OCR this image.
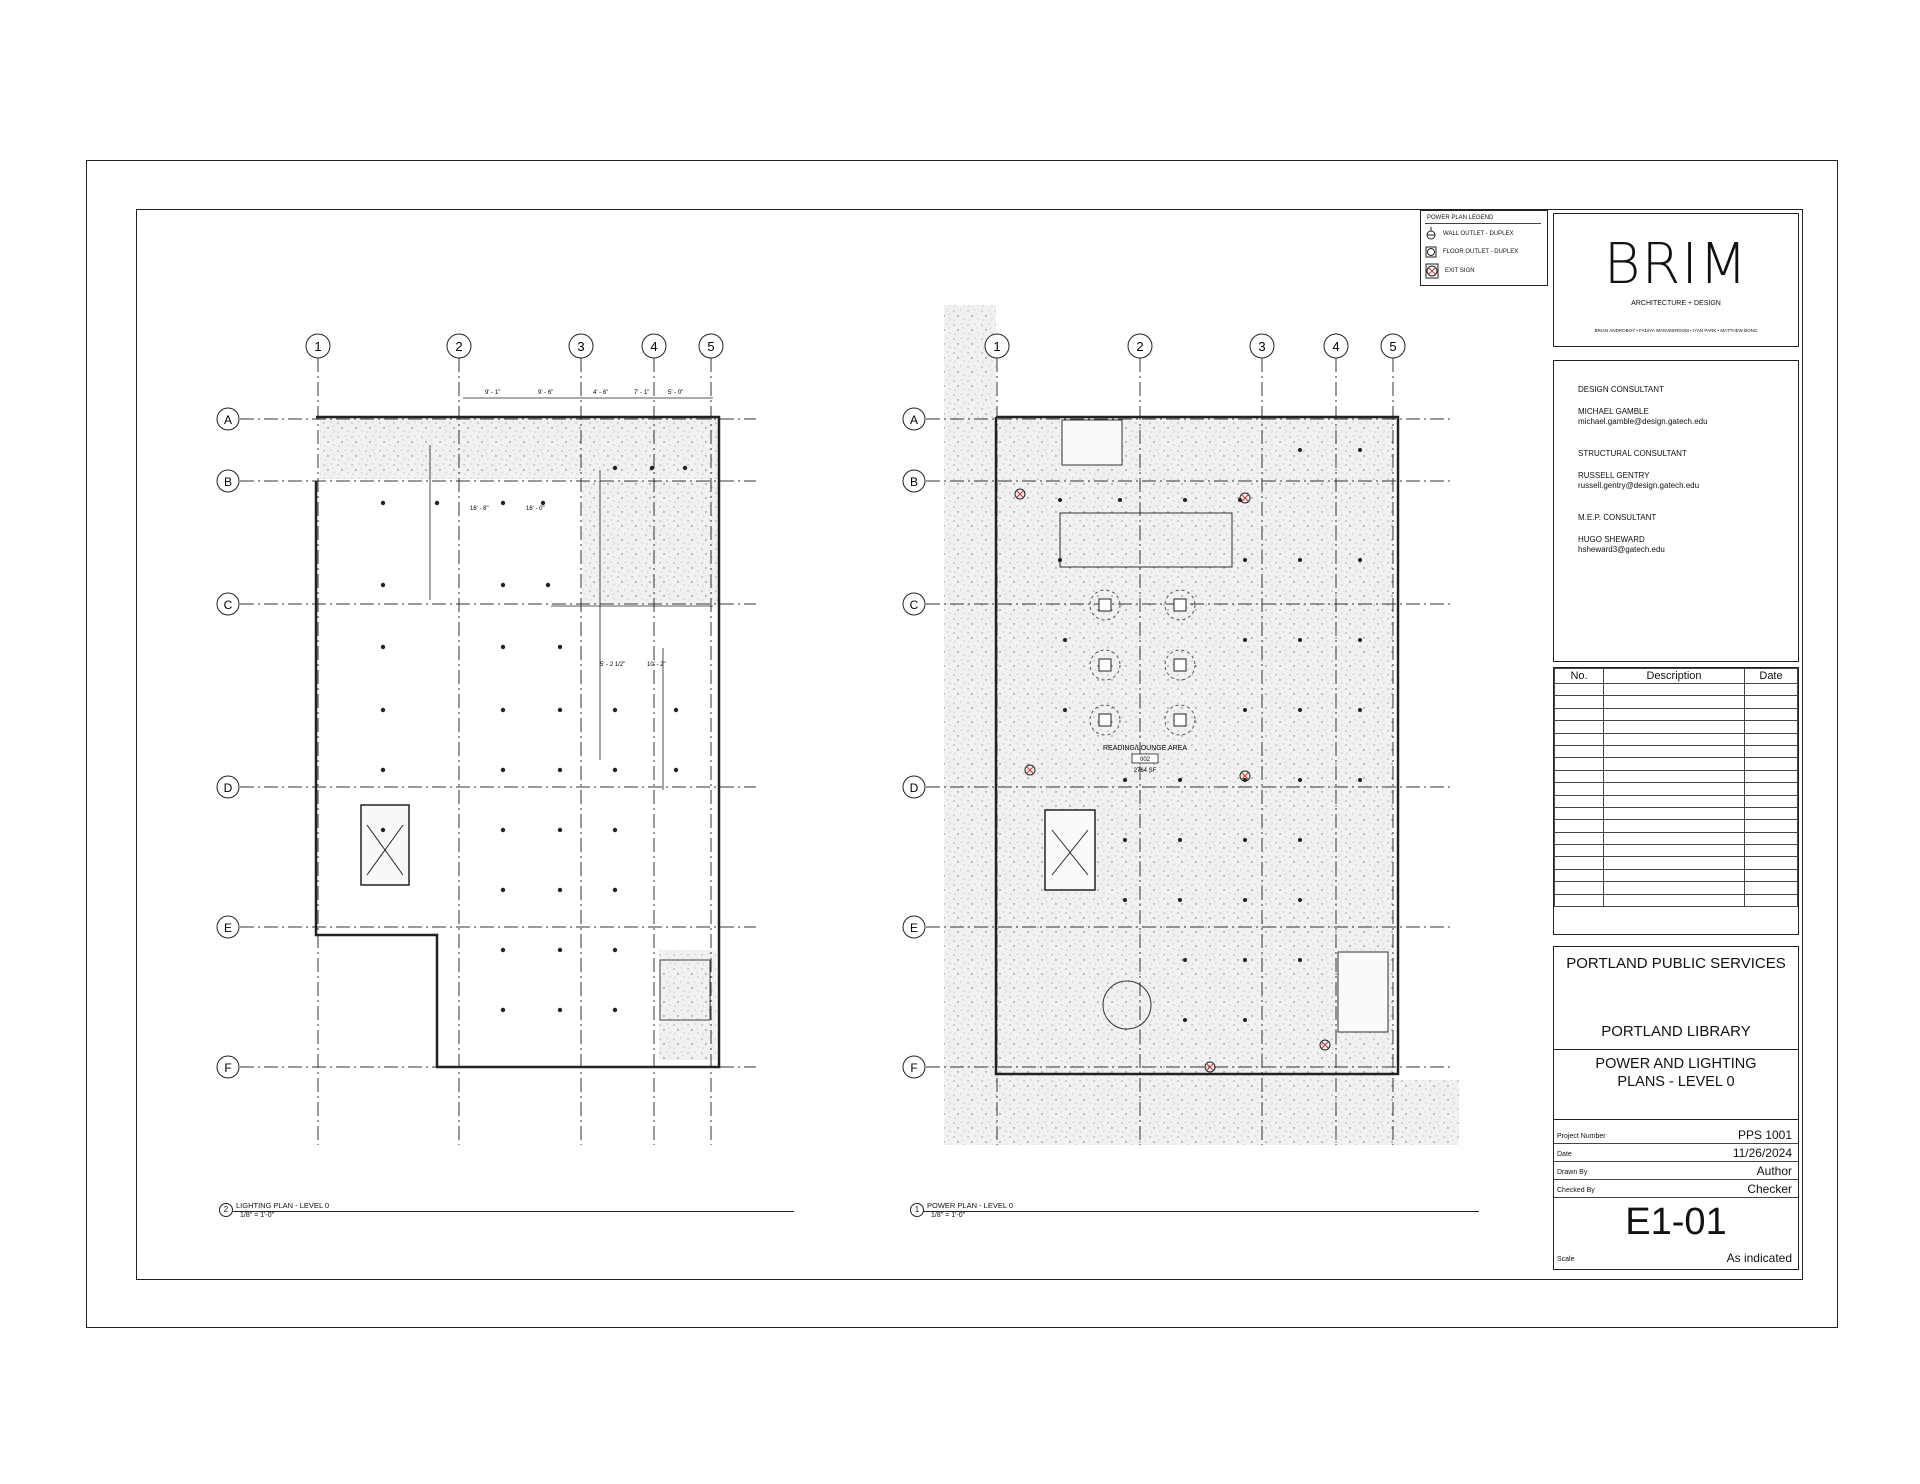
1	2	3	4	5
A
B
C
D
E
F
9' - 1"	9' - 6"	4' - 6"	7' - 1"	5' - 0"
5' - 2 1/2"	10' - 2"
16' - 8"	16' - 0"
1	2	3	4	5
A
B
C
D
E
F
READING/LOUNGE AREA
002
2764 SF
2	LIGHTING PLAN - LEVEL 0
1/8" = 1'-0"
1	POWER PLAN - LEVEL 0
1/8" = 1'-0"
POWER PLAN LEGEND
WALL OUTLET - DUPLEX
FLOOR OUTLET - DUPLEX
EXIT SIGN	BRIM
ARCHITECTURE + DESIGN
BRIAN ANDROBOY • FADIYA WANVEERDOM • IYAN PARK • MATTHEW BONG
DESIGN CONSULTANT
MICHAEL GAMBLE
michael.gamble@design.gatech.edu
STRUCTURAL CONSULTANT
RUSSELL GENTRY
russell.gentry@design.gatech.edu
M.E.P. CONSULTANT
HUGO SHEWARD
hsheward3@gatech.edu
No.	Description	Date

PORTLAND PUBLIC SERVICES
PORTLAND LIBRARY
POWER AND LIGHTING PLANS - LEVEL 0
Project Number	PPS 1001
Date	11/26/2024
Drawn By	Author
Checked By	Checker
E1-01
Scale	As indicated
